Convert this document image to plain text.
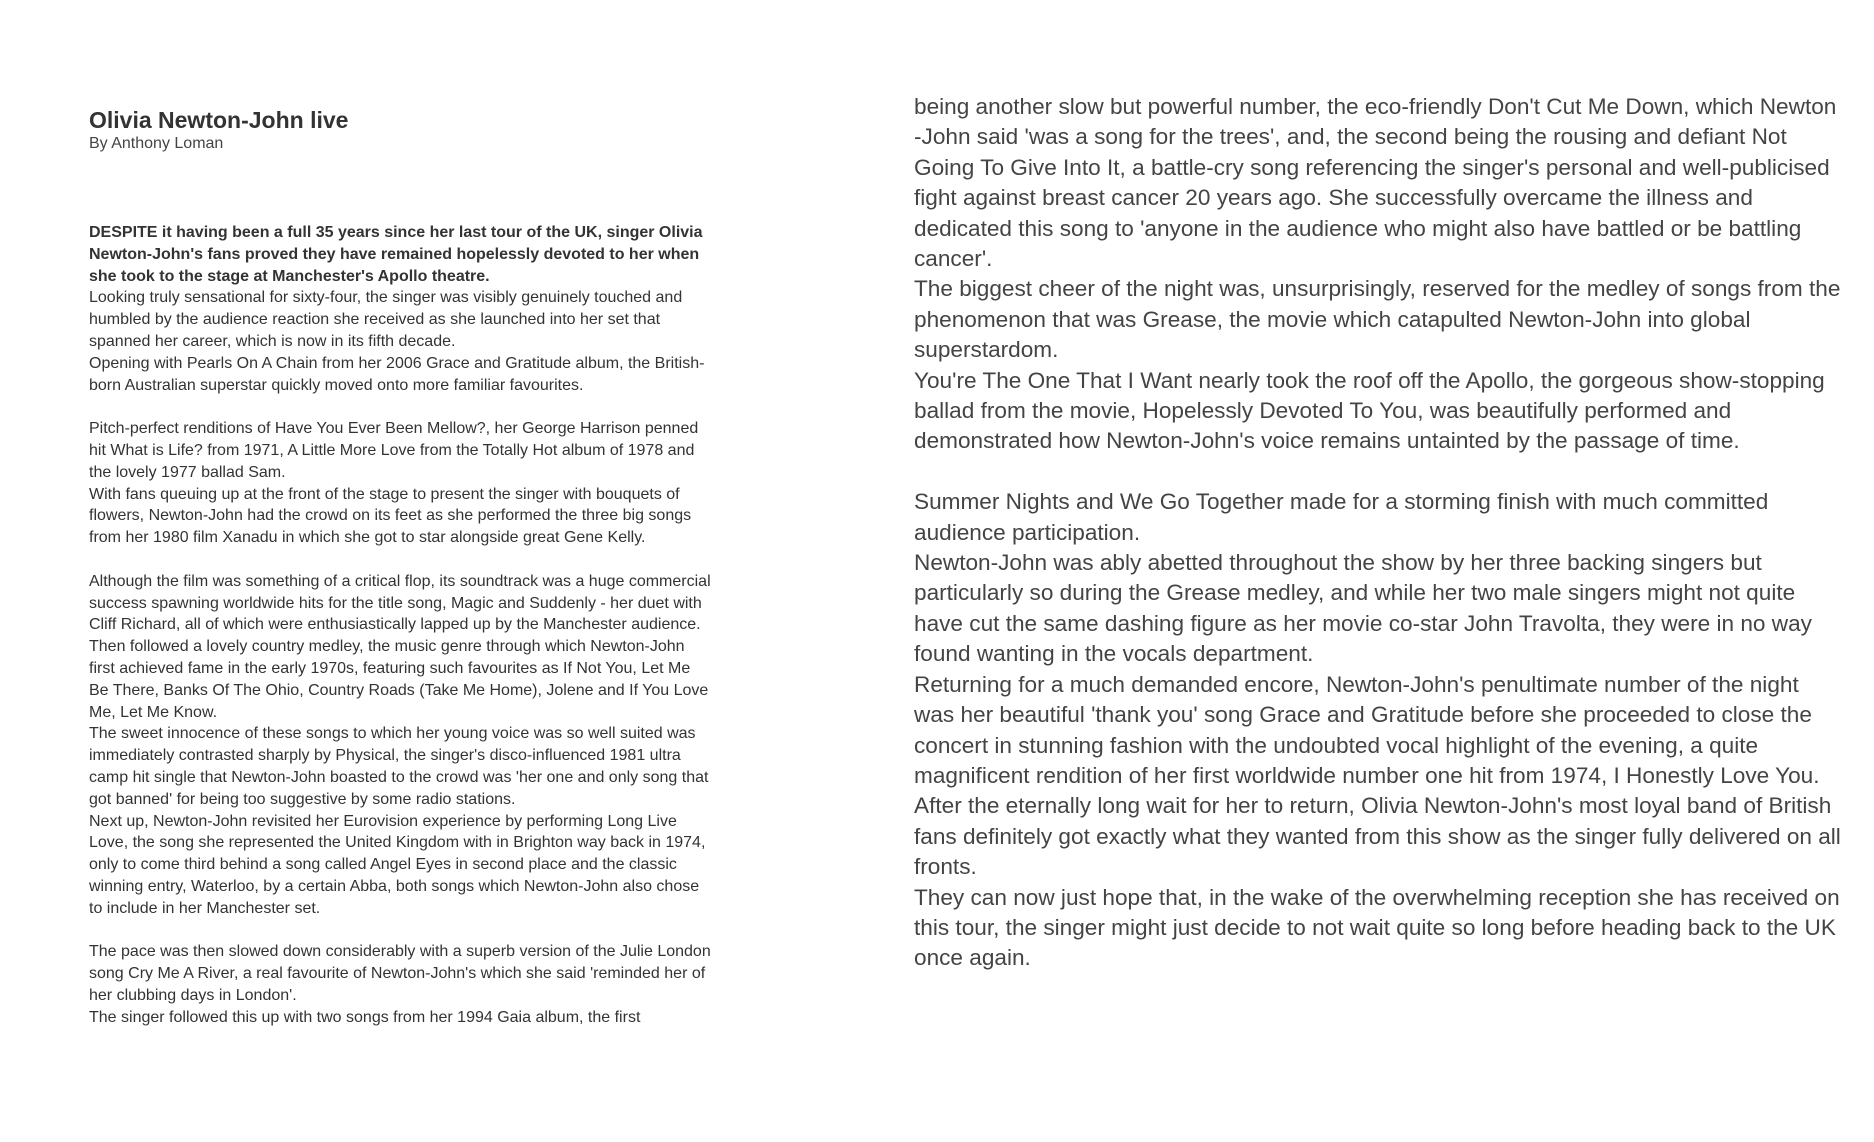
Olivia Newton-John live

By Anthony Loman

DESPITE it having been a full 35 years since her last tour of the UK, singer Olivia Newton-John's fans proved they have remained hopelessly devoted to her when she took to the stage at Manchester's Apollo theatre.

Looking truly sensational for sixty-four, the singer was visibly genuinely touched and humbled by the audience reaction she received as she launched into her set that spanned her career, which is now in its fifth decade.

Opening with Pearls On A Chain from her 2006 Grace and Gratitude album, the British-born Australian superstar quickly moved onto more familiar favourites.

Pitch-perfect renditions of Have You Ever Been Mellow?, her George Harrison penned hit What is Life? from 1971, A Little More Love from the Totally Hot album of 1978 and the lovely 1977 ballad Sam.

With fans queuing up at the front of the stage to present the singer with bouquets of flowers, Newton-John had the crowd on its feet as she performed the three big songs from her 1980 film Xanadu in which she got to star alongside great Gene Kelly.

Although the film was something of a critical flop, its soundtrack was a huge commercial success spawning worldwide hits for the title song, Magic and Suddenly - her duet with Cliff Richard, all of which were enthusiastically lapped up by the Manchester audience.

Then followed a lovely country medley, the music genre through which Newton-John first achieved fame in the early 1970s, featuring such favourites as If Not You, Let Me Be There, Banks Of The Ohio, Country Roads (Take Me Home), Jolene and If You Love Me, Let Me Know.

The sweet innocence of these songs to which her young voice was so well suited was immediately contrasted sharply by Physical, the singer's disco-influenced 1981 ultra camp hit single that Newton-John boasted to the crowd was 'her one and only song that got banned' for being too suggestive by some radio stations.

Next up, Newton-John revisited her Eurovision experience by performing Long Live Love, the song she represented the United Kingdom with in Brighton way back in 1974, only to come third behind a song called Angel Eyes in second place and the classic winning entry, Waterloo, by a certain Abba, both songs which Newton-John also chose to include in her Manchester set.

The pace was then slowed down considerably with a superb version of the Julie London song Cry Me A River, a real favourite of Newton-John's which she said 'reminded her of her clubbing days in London'.

The singer followed this up with two songs from her 1994 Gaia album, the first

being another slow but powerful number, the eco-friendly Don't Cut Me Down, which Newton -John said 'was a song for the trees', and, the second being the rousing and defiant Not Going To Give Into It, a battle-cry song referencing the singer's personal and well-publicised fight against breast cancer 20 years ago. She successfully overcame the illness and dedicated this song to 'anyone in the audience who might also have battled or be battling cancer'.

The biggest cheer of the night was, unsurprisingly, reserved for the medley of songs from the phenomenon that was Grease, the movie which catapulted Newton-John into global superstardom.

You're The One That I Want nearly took the roof off the Apollo, the gorgeous show-stopping ballad from the movie, Hopelessly Devoted To You, was beautifully performed and demonstrated how Newton-John's voice remains untainted by the passage of time.

Summer Nights and We Go Together made for a storming finish with much committed audience participation.

Newton-John was ably abetted throughout the show by her three backing singers but particularly so during the Grease medley, and while her two male singers might not quite have cut the same dashing figure as her movie co-star John Travolta, they were in no way found wanting in the vocals department.

Returning for a much demanded encore, Newton-John's penultimate number of the night was her beautiful 'thank you' song Grace and Gratitude before she proceeded to close the concert in stunning fashion with the undoubted vocal highlight of the evening, a quite magnificent rendition of her first worldwide number one hit from 1974, I Honestly Love You.

After the eternally long wait for her to return, Olivia Newton-John's most loyal band of British fans definitely got exactly what they wanted from this show as the singer fully delivered on all fronts.

They can now just hope that, in the wake of the overwhelming reception she has received on this tour, the singer might just decide to not wait quite so long before heading back to the UK once again.
